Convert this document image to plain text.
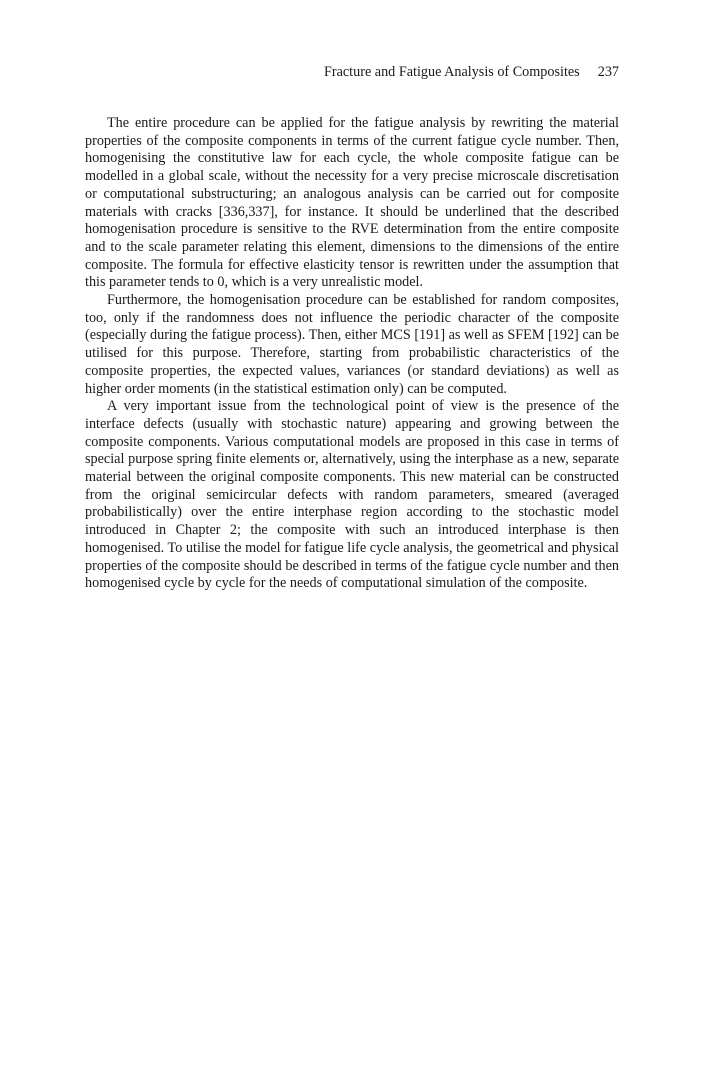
Fracture and Fatigue Analysis of Composites 237

The entire procedure can be applied for the fatigue analysis by rewriting the material properties of the composite components in terms of the current fatigue cycle number. Then, homogenising the constitutive law for each cycle, the whole composite fatigue can be modelled in a global scale, without the necessity for a very precise microscale discretisation or computational substructuring; an analogous analysis can be carried out for composite materials with cracks [336,337], for instance. It should be underlined that the described homogenisation procedure is sensitive to the RVE determination from the entire composite and to the scale parameter relating this element, dimensions to the dimensions of the entire composite. The formula for effective elasticity tensor is rewritten under the assumption that this parameter tends to 0, which is a very unrealistic model.

Furthermore, the homogenisation procedure can be established for random composites, too, only if the randomness does not influence the periodic character of the composite (especially during the fatigue process). Then, either MCS [191] as well as SFEM [192] can be utilised for this purpose. Therefore, starting from probabilistic characteristics of the composite properties, the expected values, variances (or standard deviations) as well as higher order moments (in the statistical estimation only) can be computed.

A very important issue from the technological point of view is the presence of the interface defects (usually with stochastic nature) appearing and growing between the composite components. Various computational models are proposed in this case in terms of special purpose spring finite elements or, alternatively, using the interphase as a new, separate material between the original composite components. This new material can be constructed from the original semicircular defects with random parameters, smeared (averaged probabilistically) over the entire interphase region according to the stochastic model introduced in Chapter 2; the composite with such an introduced interphase is then homogenised. To utilise the model for fatigue life cycle analysis, the geometrical and physical properties of the composite should be described in terms of the fatigue cycle number and then homogenised cycle by cycle for the needs of computational simulation of the composite.
